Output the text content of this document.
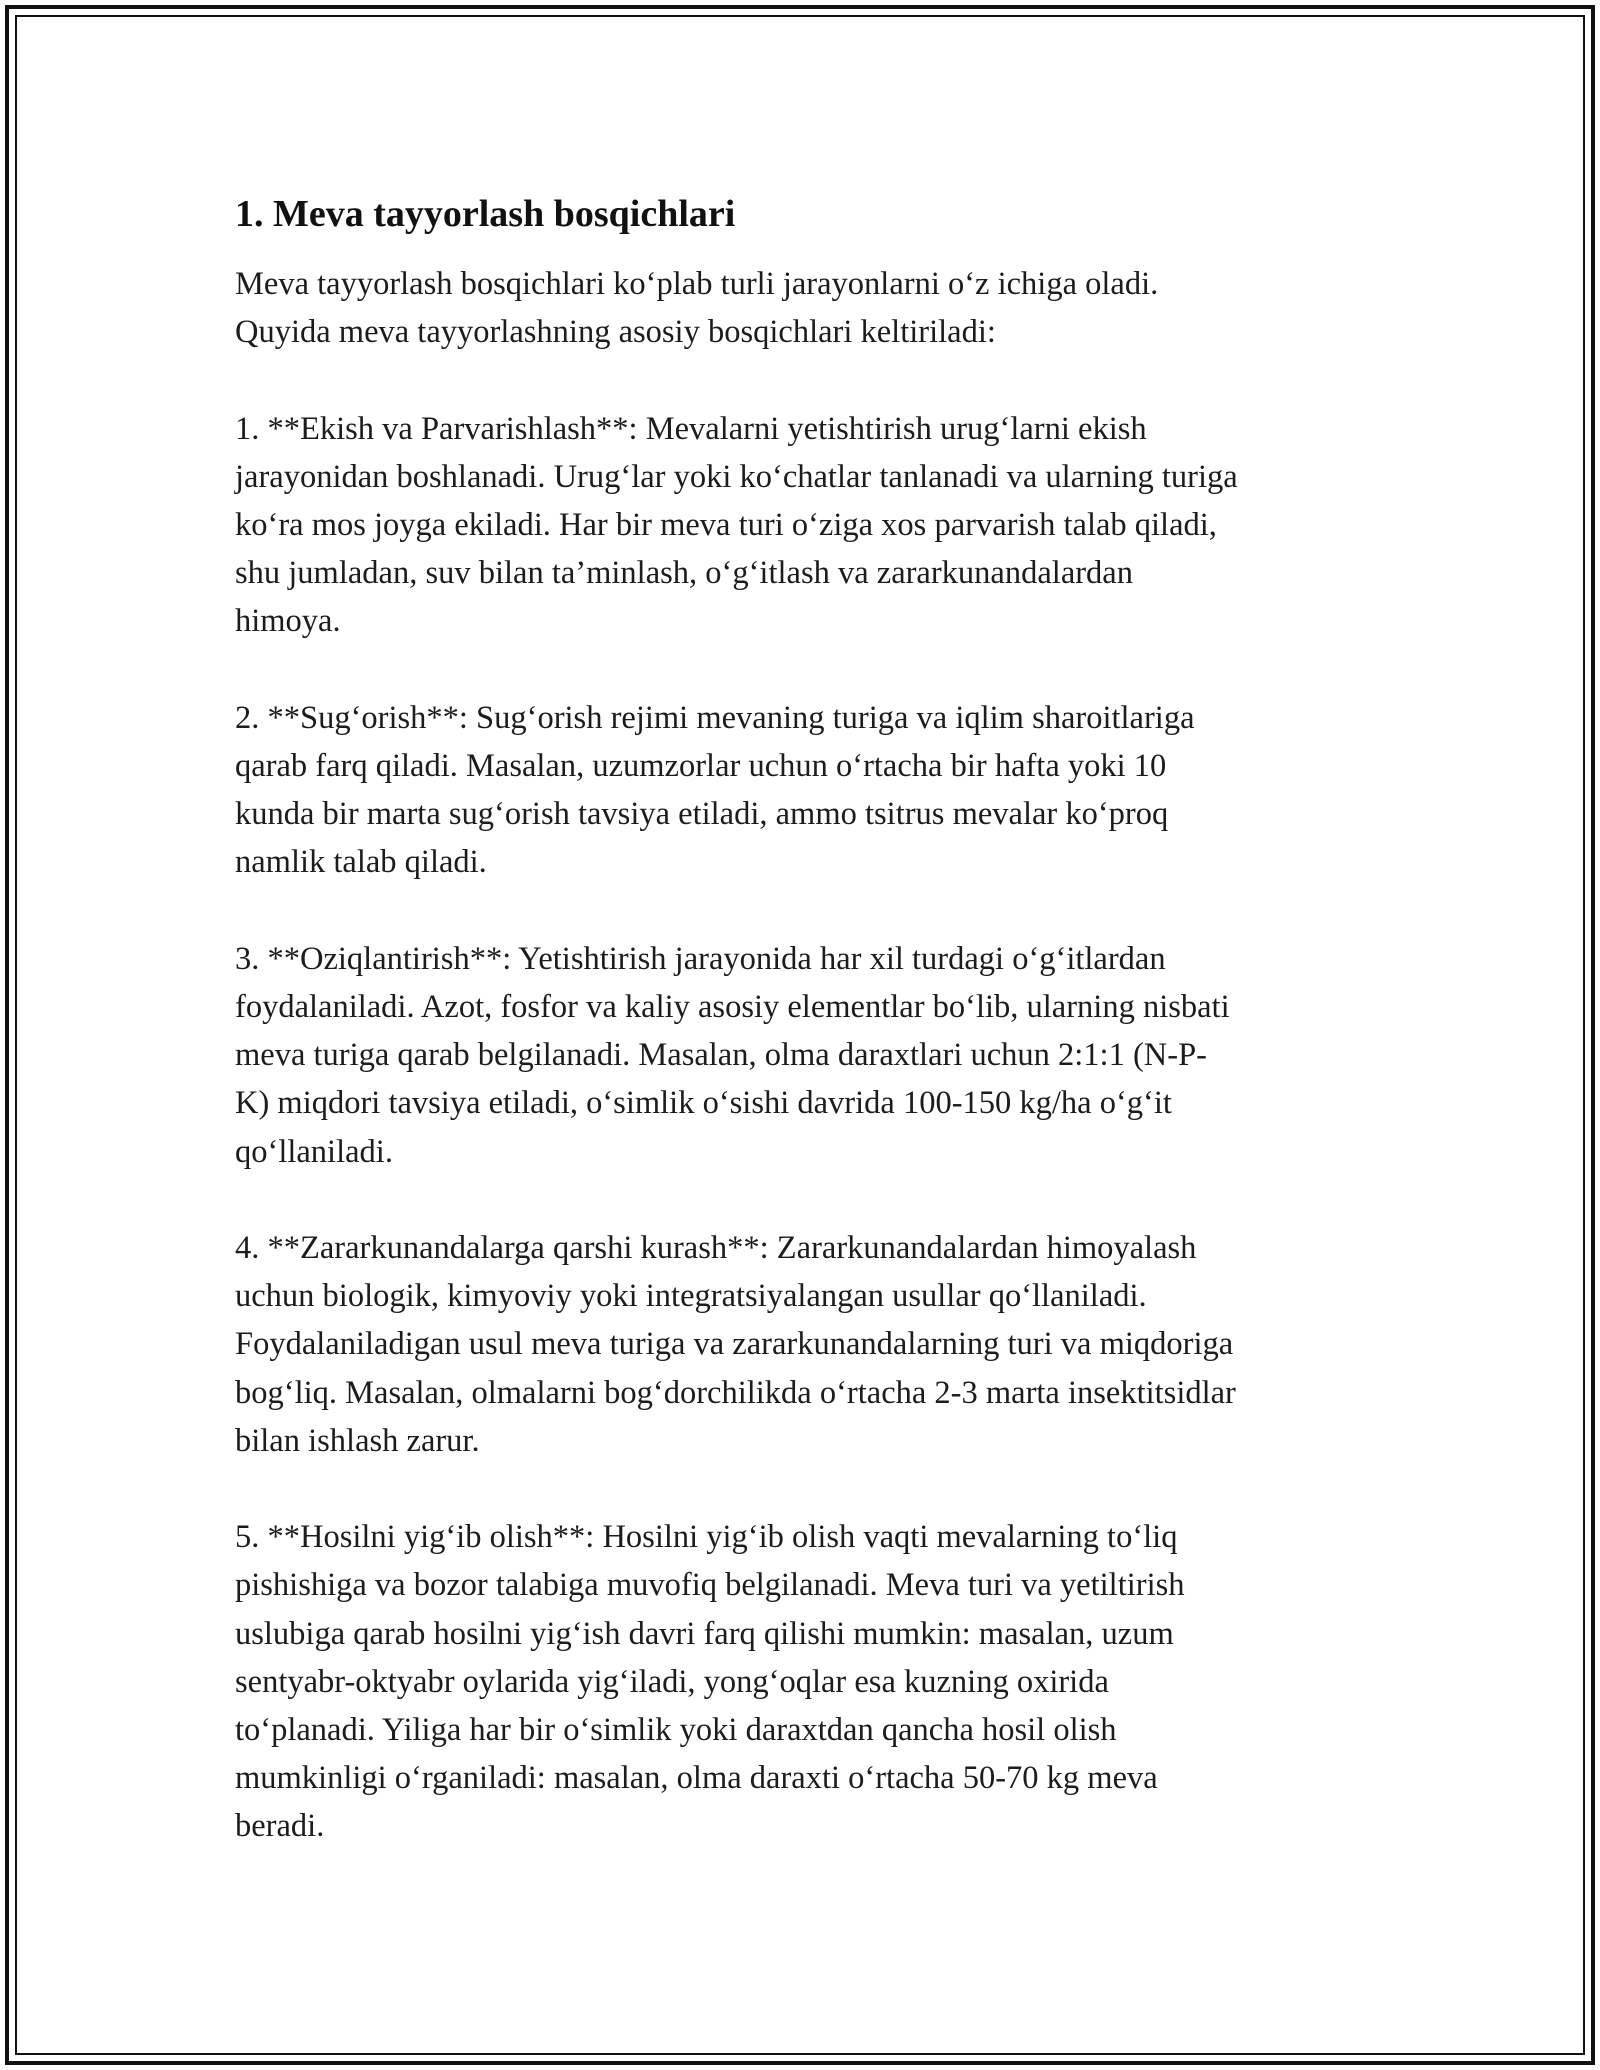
1. Meva tayyorlash bosqichlari

Meva tayyorlash bosqichlari ko‘plab turli jarayonlarni o‘z ichiga oladi.
Quyida meva tayyorlashning asosiy bosqichlari keltiriladi:

1. **Ekish va Parvarishlash**: Mevalarni yetishtirish urug‘larni ekish
jarayonidan boshlanadi. Urug‘lar yoki ko‘chatlar tanlanadi va ularning turiga
ko‘ra mos joyga ekiladi. Har bir meva turi o‘ziga xos parvarish talab qiladi,
shu jumladan, suv bilan ta’minlash, o‘g‘itlash va zararkunandalardan
himoya.

2. **Sug‘orish**: Sug‘orish rejimi mevaning turiga va iqlim sharoitlariga
qarab farq qiladi. Masalan, uzumzorlar uchun o‘rtacha bir hafta yoki 10
kunda bir marta sug‘orish tavsiya etiladi, ammo tsitrus mevalar ko‘proq
namlik talab qiladi.

3. **Oziqlantirish**: Yetishtirish jarayonida har xil turdagi o‘g‘itlardan
foydalaniladi. Azot, fosfor va kaliy asosiy elementlar bo‘lib, ularning nisbati
meva turiga qarab belgilanadi. Masalan, olma daraxtlari uchun 2:1:1 (N-P-
K) miqdori tavsiya etiladi, o‘simlik o‘sishi davrida 100-150 kg/ha o‘g‘it
qo‘llaniladi.

4. **Zararkunandalarga qarshi kurash**: Zararkunandalardan himoyalash
uchun biologik, kimyoviy yoki integratsiyalangan usullar qo‘llaniladi.
Foydalaniladigan usul meva turiga va zararkunandalarning turi va miqdoriga
bog‘liq. Masalan, olmalarni bog‘dorchilikda o‘rtacha 2-3 marta insektitsidlar
bilan ishlash zarur.

5. **Hosilni yig‘ib olish**: Hosilni yig‘ib olish vaqti mevalarning to‘liq
pishishiga va bozor talabiga muvofiq belgilanadi. Meva turi va yetiltirish
uslubiga qarab hosilni yig‘ish davri farq qilishi mumkin: masalan, uzum
sentyabr-oktyabr oylarida yig‘iladi, yong‘oqlar esa kuzning oxirida
to‘planadi. Yiliga har bir o‘simlik yoki daraxtdan qancha hosil olish
mumkinligi o‘rganiladi: masalan, olma daraxti o‘rtacha 50-70 kg meva
beradi.
